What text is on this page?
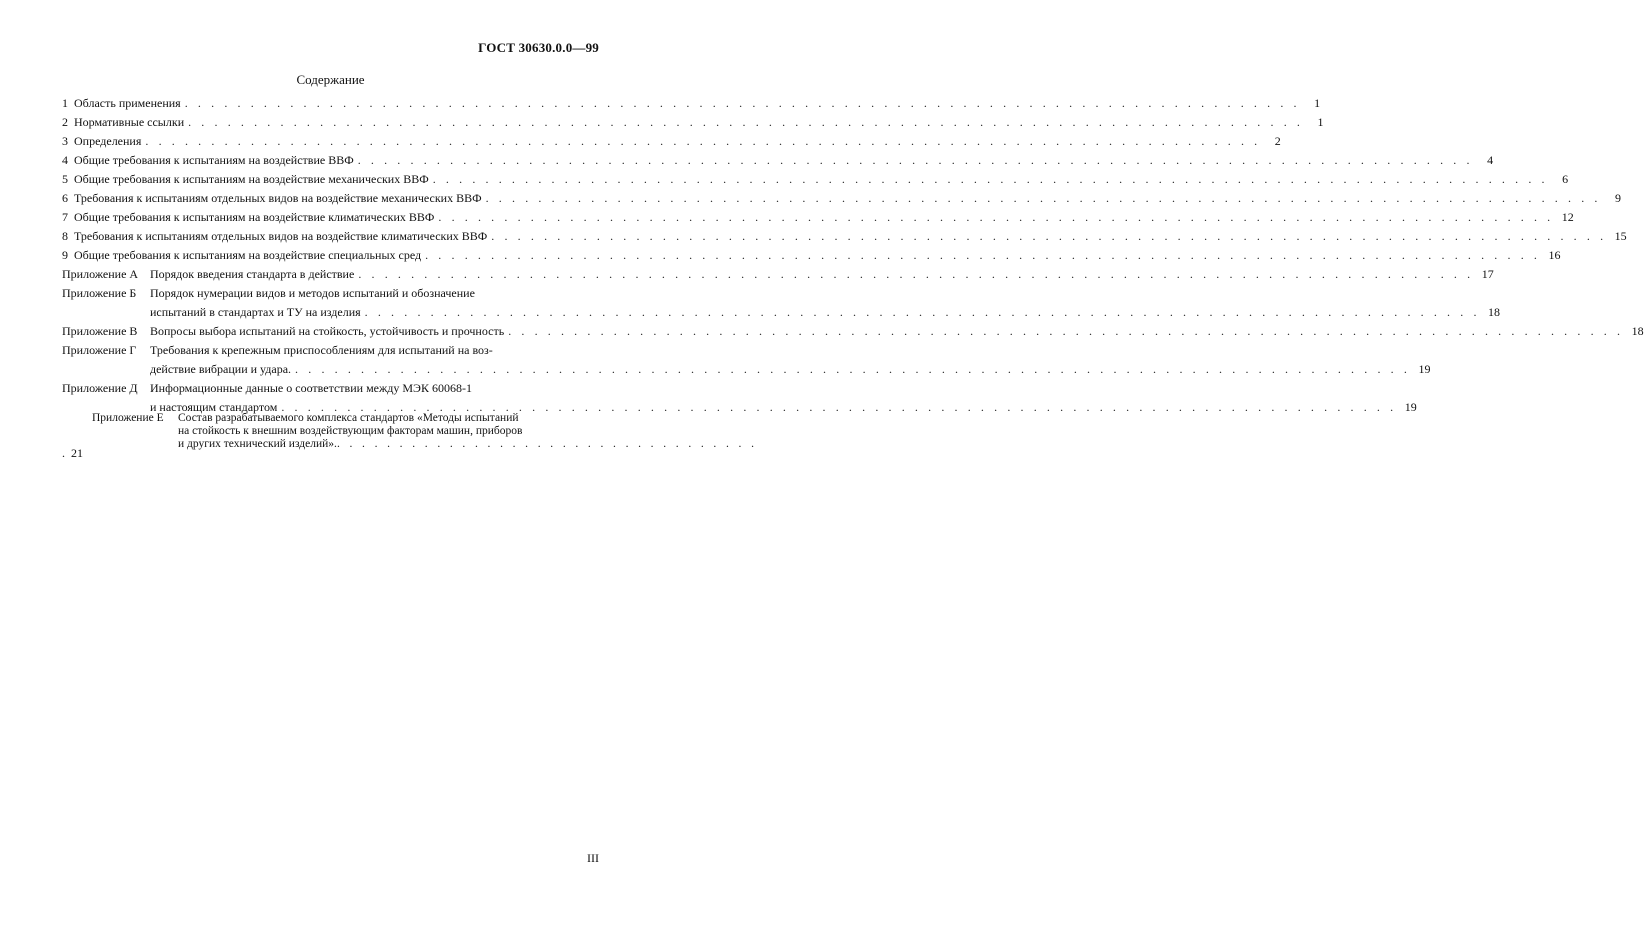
ГОСТ 30630.0.0—99
Содержание
1 Область применения . . .	1
2 Нормативные ссылки . . .	1
3 Определения . . .	2
4 Общие требования к испытаниям на воздействие ВВФ . . .	4
5 Общие требования к испытаниям на воздействие механических ВВФ . . .	6
6 Требования к испытаниям отдельных видов на воздействие механических ВВФ . . .	9
7 Общие требования к испытаниям на воздействие климатических ВВФ . . .	12
8 Требования к испытаниям отдельных видов на воздействие климатических ВВФ . . .	15
9 Общие требования к испытаниям на воздействие специальных сред . . .	16
Приложение А Порядок введения стандарта в действие . . .	17
Приложение Б	Порядок нумерации видов и методов испытаний и обозначение
испытаний в стандартах и ТУ на изделия . . .	18
Приложение В	Вопросы выбора испытаний на стойкость, устойчивость и прочность . . .	18
Приложение Г	Требования к крепежным приспособлениям для испытаний на воз-
действие вибрации и удара. . . .	19
Приложение Д	Информационные данные о соответствии между МЭК 60068-1
и настоящим стандартом . . .	19
Приложение Е Состав разрабатываемого комплекса стандартов «Методы испытаний
на стойкость к внешним воздействующим факторам машин, приборов
и других технический изделий».. . .
. 21
III
